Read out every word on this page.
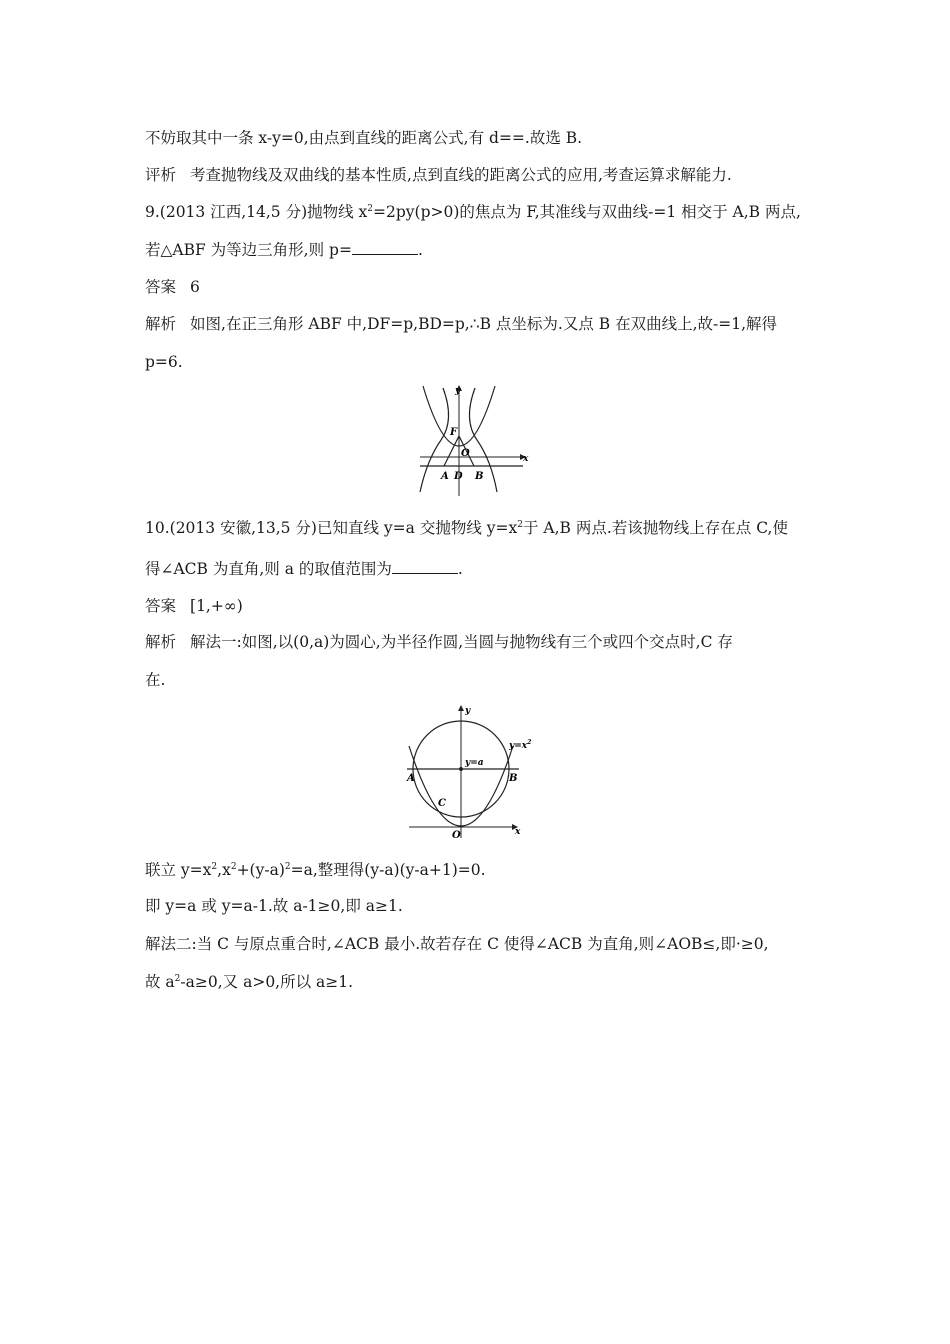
不妨取其中一条 x-y=0,由点到直线的距离公式,有 d==.故选 B.
评析 考查抛物线及双曲线的基本性质,点到直线的距离公式的应用,考查运算求解能力.
9.(2013 江西,14,5 分)抛物线 $x^2=2py(p>0)$的焦点为 F,其准线与双曲线-=1 相交于 A,B 两点,
若△ABF 为等边三角形,则 p=	.
答案 6
解析 如图,在正三角形 ABF 中,DF=p,BD=p,∴B 点坐标为.又点 B 在双曲线上,故-=1,解得
p=6.
y
x
F
O
A D B
10.(2013 安徽,13,5 分)已知直线 y=a 交抛物线 $y=x^2$于 A,B 两点.若该抛物线上存在点 C,使
得∠ACB 为直角,则 a 的取值范围为	.
答案 [1,+∞)
解析 解法一:如图,以(0,a)为圆心,为半径作圆,当圆与抛物线有三个或四个交点时,C 存
在.
y
x
y=a
$y=x^2$
A	B
C
O
联立 $y=x^2,x^2+(y-a)^2=a$,整理得(y-a)(y-a+1)=0.
即 y=a 或 y=a-1.故 a-1≥0,即 a≥1.
解法二:当 C 与原点重合时,∠ACB 最小.故若存在 C 使得∠ACB 为直角,则∠AOB≤,即·≥0,
故 $a^2-a\ge 0$,又 a>0,所以 a≥1.
